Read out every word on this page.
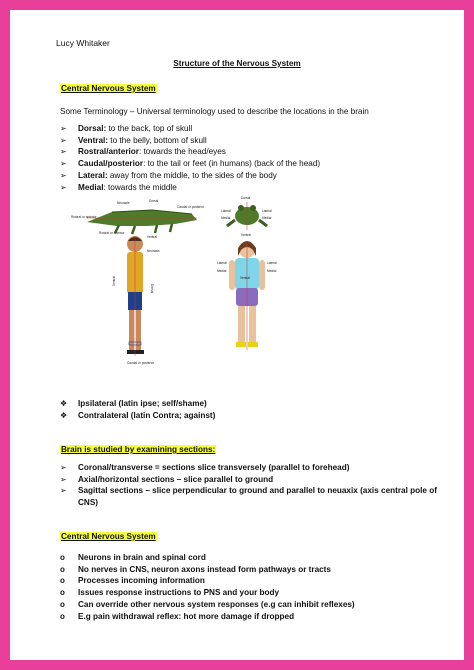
Lucy Whitaker
Structure of the Nervous System
Central Nervous System
Some Terminology – Universal terminology used to describe the locations in the brain
➢ Dorsal: to the back, top of skull
➢ Ventral: to the belly, bottom of skull
➢ Rostral/anterior: towards the head/eyes
➢ Caudal/posterior: to the tail or feet (in humans) (back of the head)
➢ Lateral: away from the middle, to the sides of the body
➢ Medial: towards the middle
Neuraxis	Dorsal
Rostral or anterior
Caudal or posterior
Ventral
Dorsal
Lateral	Lateral
Medial	Medial
Ventral
Rostral or anterior
Neuraxis
Ventral
Dorsal
Caudal or posterior
Lateral	Lateral
Medial	Medial
Ventral
❖ Ipsilateral (latin ipse; self/shame)
❖ Contralateral (latin Contra; against)
Brain is studied by examining sections:
➢ Coronal/transverse = sections slice transversely (parallel to forehead)
➢ Axial/horizontal sections – slice parallel to ground
➢ Sagittal sections – slice perpendicular to ground and parallel to neuaxix (axis central pole of CNS)
Central Nervous System
o Neurons in brain and spinal cord
o No nerves in CNS, neuron axons instead form pathways or tracts
o Processes incoming information
o Issues response instructions to PNS and your body
o Can override other nervous system responses (e.g can inhibit reflexes)
o E.g pain withdrawal reflex: hot more damage if dropped
